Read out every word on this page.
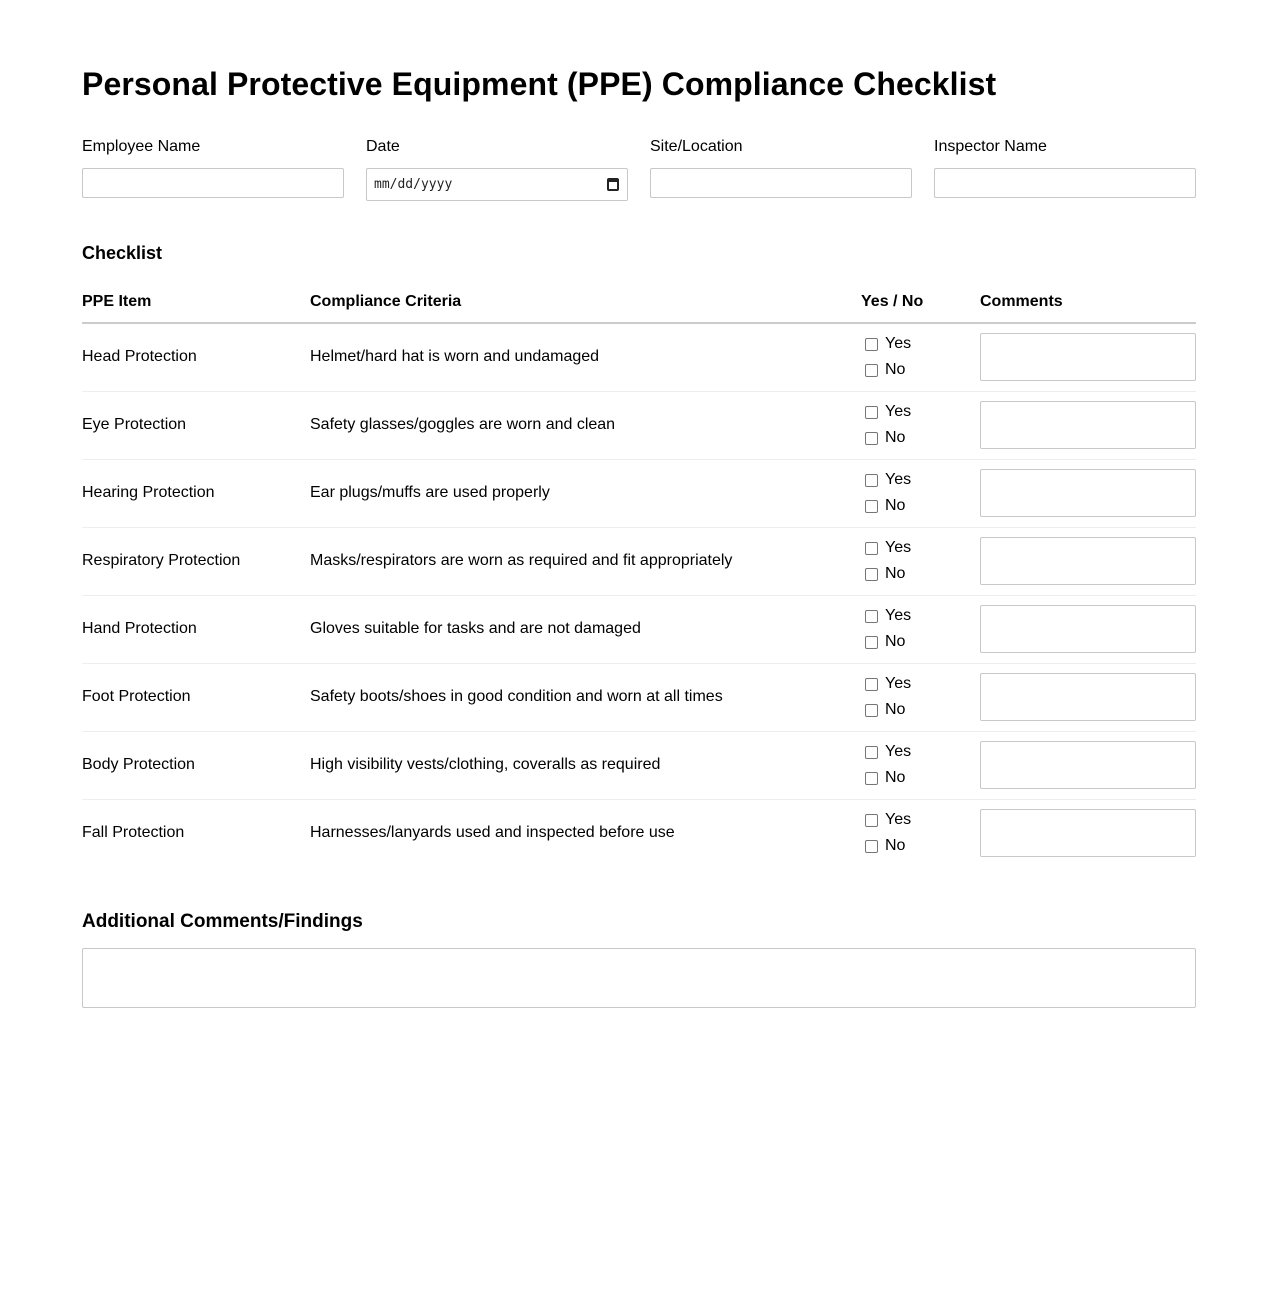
Personal Protective Equipment (PPE) Compliance Checklist
Employee Name	Date
mm/dd/yyyy
Site/Location	Inspector Name
Checklist
PPE Item	Compliance Criteria	Yes / No	Comments
Head Protection	Helmet/hard hat is worn and undamaged	Yes
No	

Eye Protection	Safety glasses/goggles are worn and clean	Yes
No	

Hearing Protection	Ear plugs/muffs are used properly	Yes
No	

Respiratory Protection	Masks/respirators are worn as required and fit appropriately	Yes
No	

Hand Protection	Gloves suitable for tasks and are not damaged	Yes
No	

Foot Protection	Safety boots/shoes in good condition and worn at all times	Yes
No	

Body Protection	High visibility vests/clothing, coveralls as required	Yes
No	

Fall Protection	Harnesses/lanyards used and inspected before use	Yes
No	

Additional Comments/Findings
